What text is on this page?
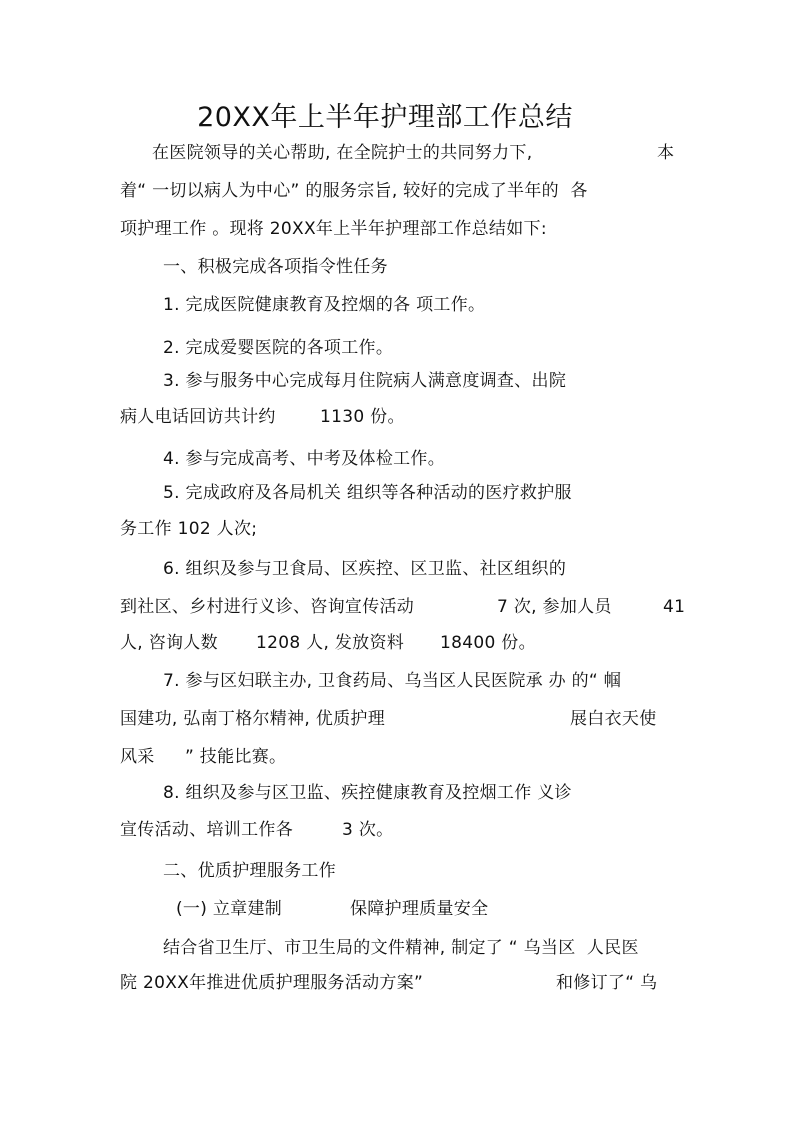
20XX年上半年护理部工作总结
在医院领导的关心帮助, 在全院护士的共同努力下,	本
着“ 一切以病人为中心” 的服务宗旨, 较好的完成了半年的  各
项护理工作 。现将 20XX年上半年护理部工作总结如下:
一、积极完成各项指令性任务
1. 完成医院健康教育及控烟的各 项工作。
2. 完成爱婴医院的各项工作。
3. 参与服务中心完成每月住院病人满意度调查、出院
病人电话回访共计约	1130 份。
4. 参与完成高考、中考及体检工作。
5. 完成政府及各局机关 组织等各种活动的医疗救护服
务工作 102 人次;
6. 组织及参与卫食局、区疾控、区卫监、社区组织的
到社区、乡村进行义诊、咨询宣传活动	7 次, 参加人员	41
人, 咨询人数 1208 人, 发放资料 18400 份。
7. 参与区妇联主办, 卫食药局、乌当区人民医院承 办 的“ 帼
国建功, 弘南丁格尔精神, 优质护理	展白衣天使
风采 ” 技能比赛。
8. 组织及参与区卫监、疾控健康教育及控烟工作 义诊
宣传活动、培训工作各	3 次。
二、优质护理服务工作
(一) 立章建制	保障护理质量安全
结合省卫生厅、市卫生局的文件精神, 制定了 “ 乌当区  人民医
院 20XX年推进优质护理服务活动方案”	和修订了“ 乌
